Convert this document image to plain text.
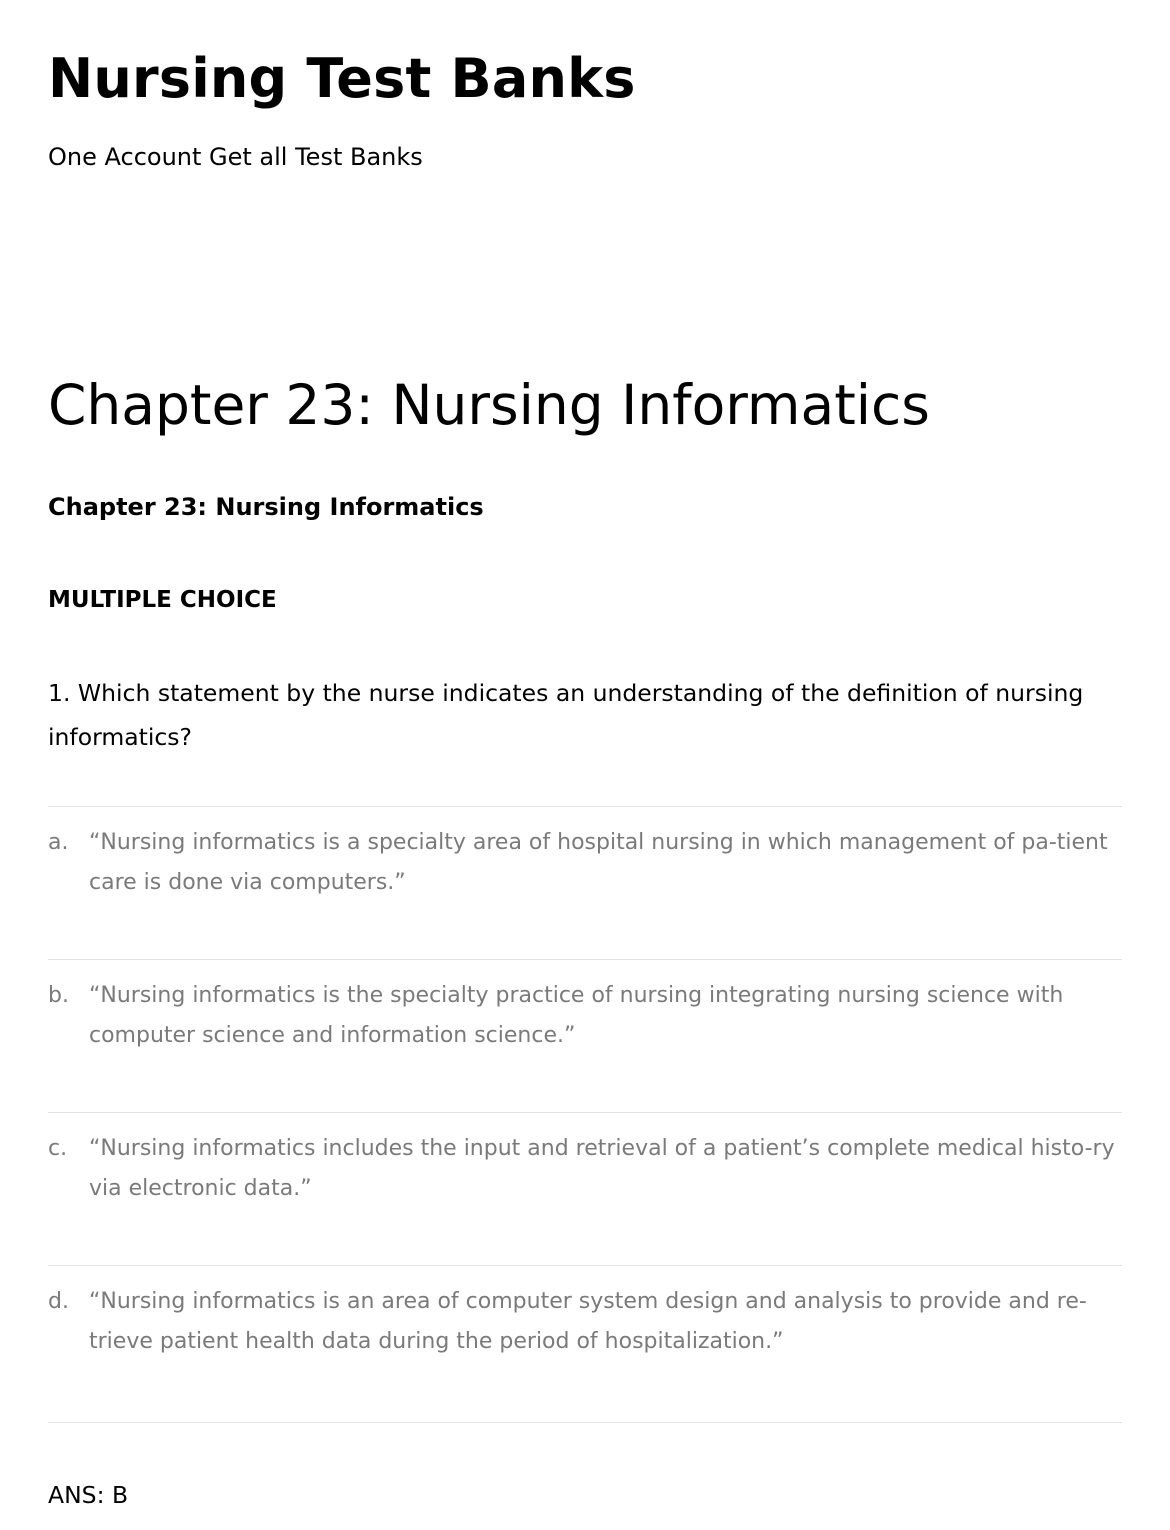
Nursing Test Banks

One Account Get all Test Banks

Chapter 23: Nursing Informatics

Chapter 23: Nursing Informatics

MULTIPLE CHOICE

1. Which statement by the nurse indicates an understanding of the definition of nursing informatics?

a. “Nursing informatics is a specialty area of hospital nursing in which management of pa-tient care is done via computers.”
b. “Nursing informatics is the specialty practice of nursing integrating nursing science with computer science and information science.”
c. “Nursing informatics includes the input and retrieval of a patient’s complete medical histo-ry via electronic data.”
d. “Nursing informatics is an area of computer system design and analysis to provide and re-trieve patient health data during the period of hospitalization.”

ANS: B
